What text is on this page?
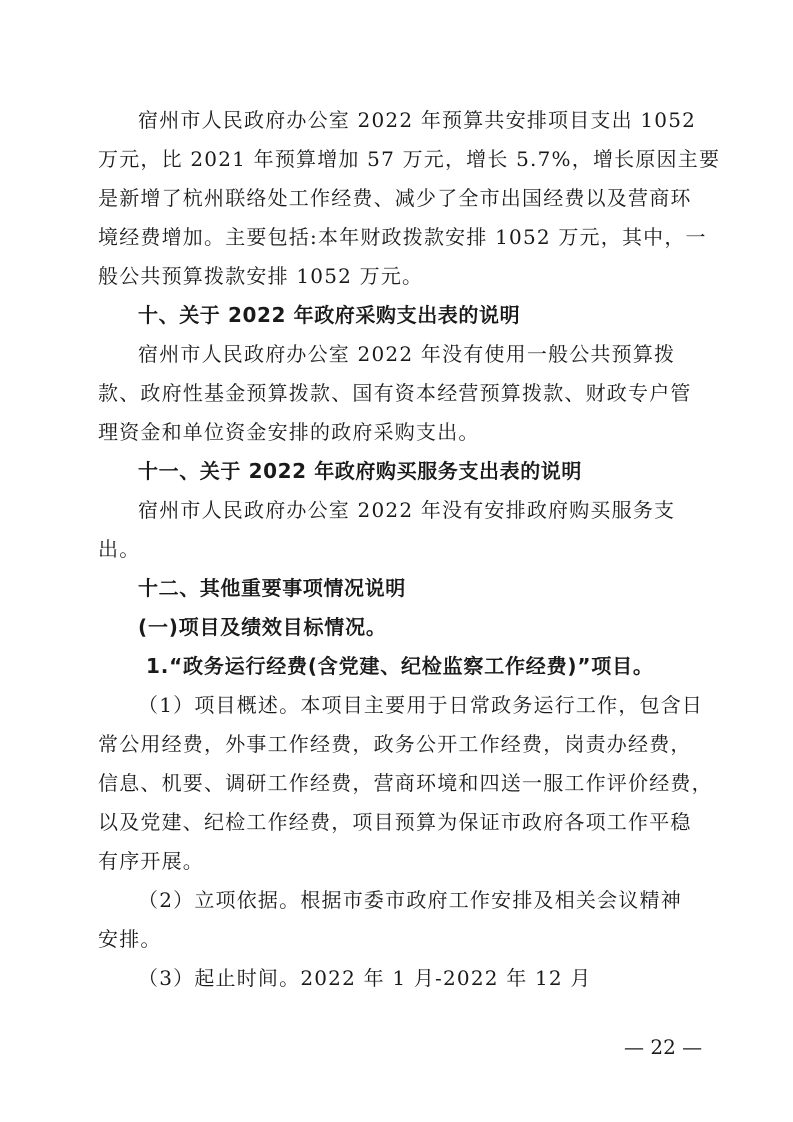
宿州市人民政府办公室 2022 年预算共安排项目支出 1052
万元，比 2021 年预算增加 57 万元，增长 5.7%，增长原因主要
是新增了杭州联络处工作经费、减少了全市出国经费以及营商环
境经费增加。主要包括:本年财政拨款安排 1052 万元，其中，一
般公共预算拨款安排 1052 万元。
十、关于 2022 年政府采购支出表的说明
宿州市人民政府办公室 2022 年没有使用一般公共预算拨
款、政府性基金预算拨款、国有资本经营预算拨款、财政专户管
理资金和单位资金安排的政府采购支出。
十一、关于 2022 年政府购买服务支出表的说明
宿州市人民政府办公室 2022 年没有安排政府购买服务支
出。
十二、其他重要事项情况说明
(一)项目及绩效目标情况。
1.“政务运行经费(含党建、纪检监察工作经费)”项目。
（1）项目概述。本项目主要用于日常政务运行工作，包含日
常公用经费，外事工作经费，政务公开工作经费，岗责办经费，
信息、机要、调研工作经费，营商环境和四送一服工作评价经费，
以及党建、纪检工作经费，项目预算为保证市政府各项工作平稳
有序开展。
（2）立项依据。根据市委市政府工作安排及相关会议精神
安排。
（3）起止时间。2022 年 1 月-2022 年 12 月
— 22 —
